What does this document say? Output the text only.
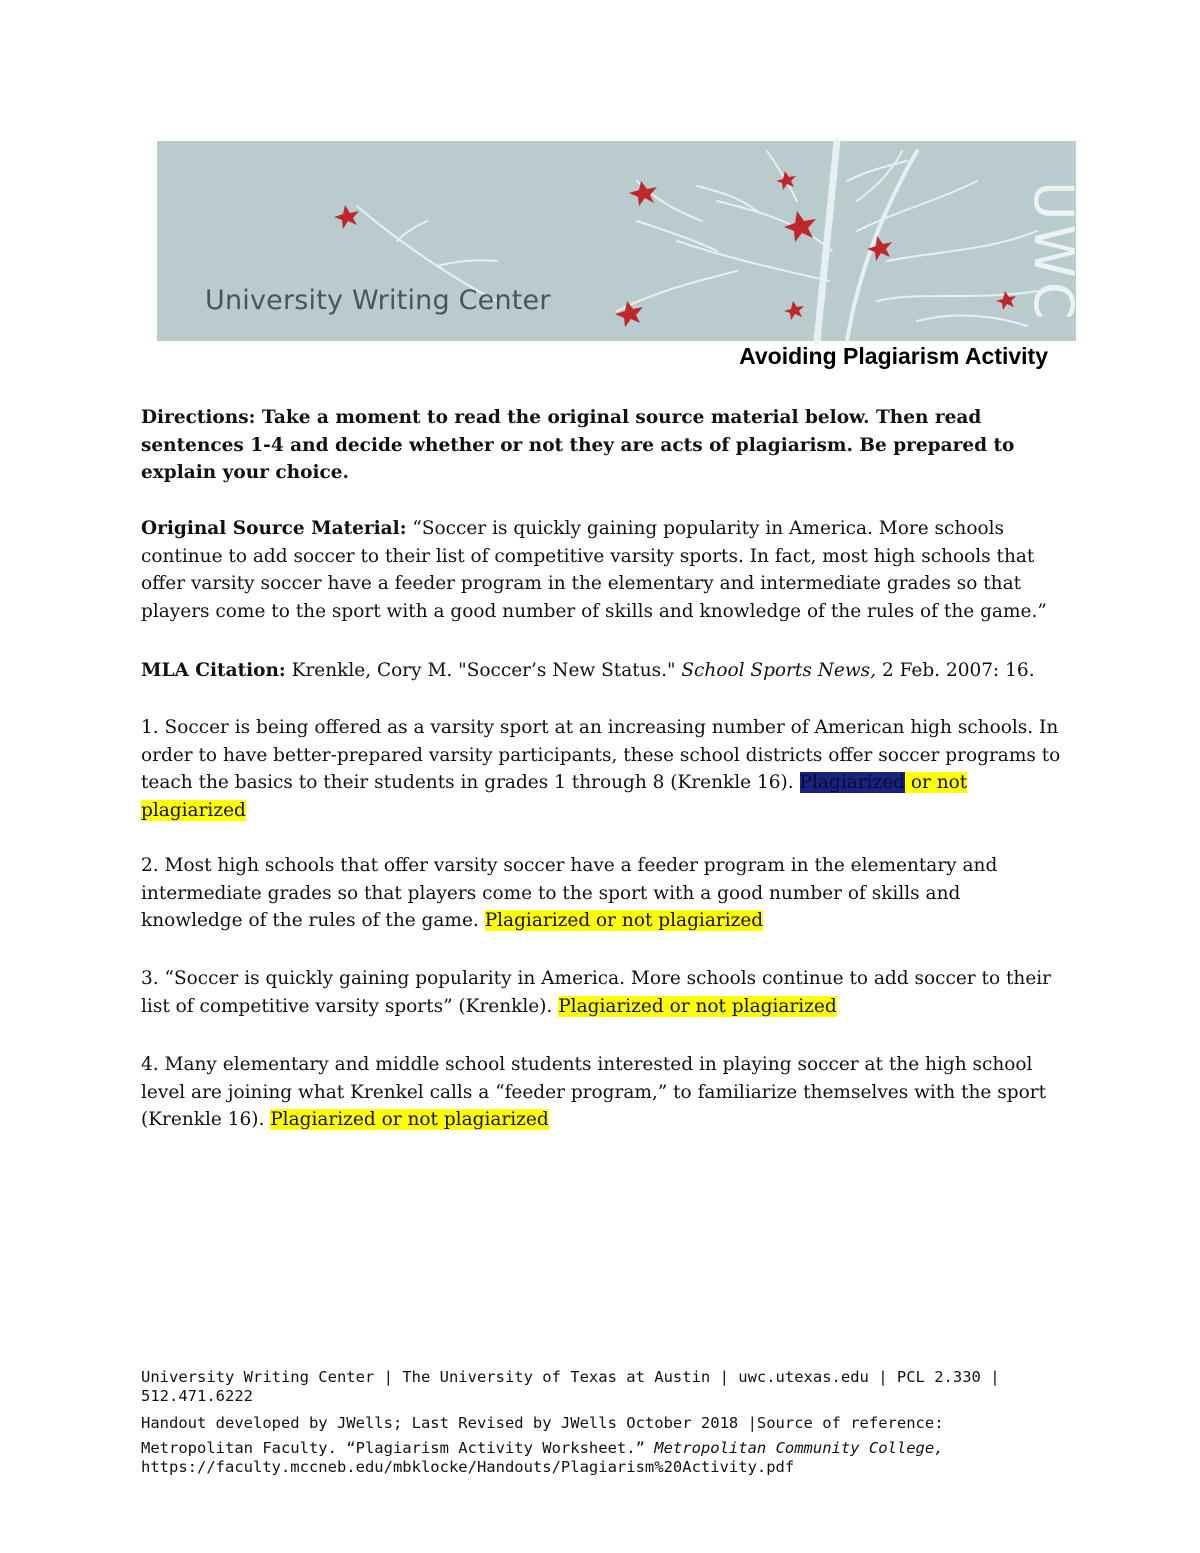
University Writing Center	UWC
Avoiding Plagiarism Activity

Directions: Take a moment to read the original source material below. Then read sentences 1-4 and decide whether or not they are acts of plagiarism. Be prepared to explain your choice.

Original Source Material: “Soccer is quickly gaining popularity in America. More schools continue to add soccer to their list of competitive varsity sports. In fact, most high schools that offer varsity soccer have a feeder program in the elementary and intermediate grades so that players come to the sport with a good number of skills and knowledge of the rules of the game.”

MLA Citation: Krenkle, Cory M. "Soccer’s New Status." School Sports News, 2 Feb. 2007: 16.

1. Soccer is being offered as a varsity sport at an increasing number of American high schools. In order to have better-prepared varsity participants, these school districts offer soccer programs to teach the basics to their students in grades 1 through 8 (Krenkle 16). Plagiarized or not plagiarized

2. Most high schools that offer varsity soccer have a feeder program in the elementary and intermediate grades so that players come to the sport with a good number of skills and knowledge of the rules of the game. Plagiarized or not plagiarized

3. “Soccer is quickly gaining popularity in America. More schools continue to add soccer to their list of competitive varsity sports” (Krenkle). Plagiarized or not plagiarized

4. Many elementary and middle school students interested in playing soccer at the high school level are joining what Krenkel calls a “feeder program,” to familiarize themselves with the sport (Krenkle 16). Plagiarized or not plagiarized

University Writing Center | The University of Texas at Austin | uwc.utexas.edu | PCL 2.330 | 512.471.6222

Handout developed by JWells; Last Revised by JWells October 2018 |Source of reference:

Metropolitan Faculty. “Plagiarism Activity Worksheet.” Metropolitan Community College,

https://faculty.mccneb.edu/mbklocke/Handouts/Plagiarism%20Activity.pdf
